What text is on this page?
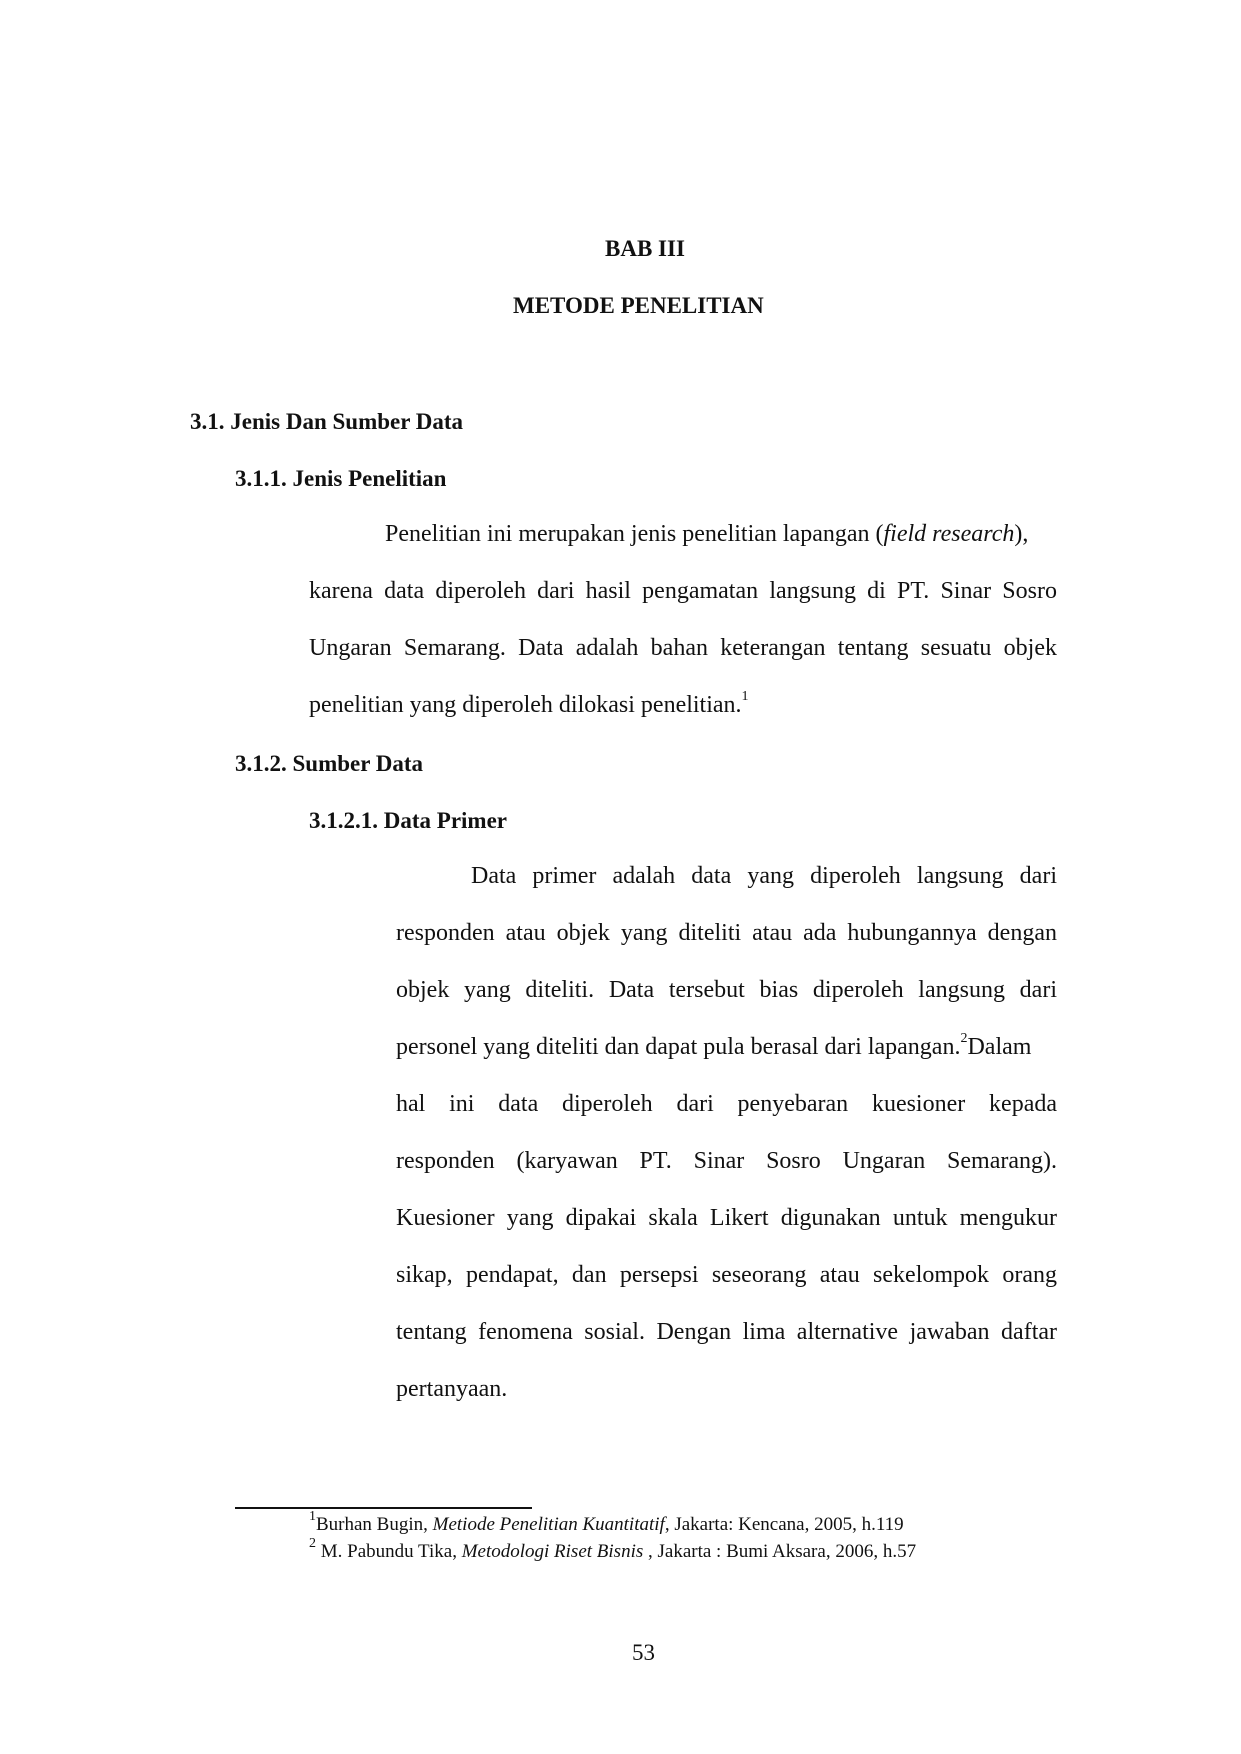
BAB III
METODE PENELITIAN
3.1. Jenis Dan Sumber Data
3.1.1. Jenis Penelitian
Penelitian ini merupakan jenis penelitian lapangan (field research),
karena data diperoleh dari hasil pengamatan langsung di PT. Sinar Sosro
Ungaran Semarang. Data adalah bahan keterangan tentang sesuatu objek
penelitian yang diperoleh dilokasi penelitian.$^1$
3.1.2. Sumber Data
3.1.2.1. Data Primer
Data primer adalah data yang diperoleh langsung dari
responden atau objek yang diteliti atau ada hubungannya dengan
objek yang diteliti. Data tersebut bias diperoleh langsung dari
personel yang diteliti dan dapat pula berasal dari lapangan.$^2$Dalam
hal ini data diperoleh dari penyebaran kuesioner kepada
responden (karyawan PT. Sinar Sosro Ungaran Semarang).
Kuesioner yang dipakai skala Likert digunakan untuk mengukur
sikap, pendapat, dan persepsi seseorang atau sekelompok orang
tentang fenomena sosial. Dengan lima alternative jawaban daftar
pertanyaan.
$^1$Burhan Bugin, Metiode Penelitian Kuantitatif, Jakarta: Kencana, 2005, h.119
$^2$ M. Pabundu Tika, Metodologi Riset Bisnis , Jakarta : Bumi Aksara, 2006, h.57
53
